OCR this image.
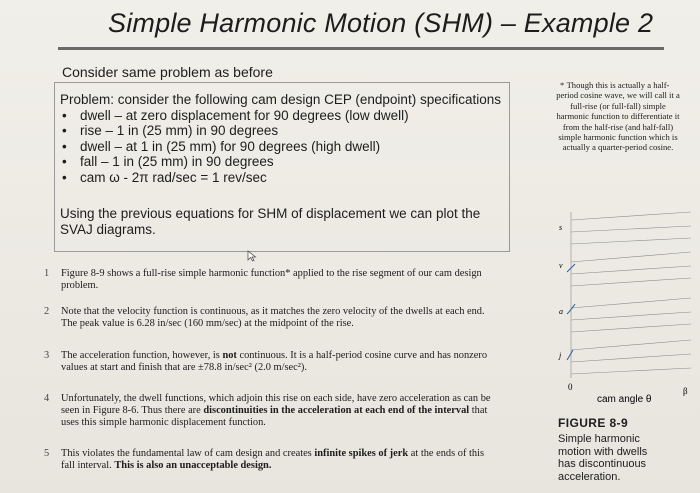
Simple Harmonic Motion (SHM) – Example 2
Consider same problem as before
Problem: consider the following cam design CEP (endpoint) specifications
• dwell – at zero displacement for 90 degrees (low dwell)
• rise – 1 in (25 mm) in 90 degrees
• dwell – at 1 in (25 mm) for 90 degrees (high dwell)
• fall – 1 in (25 mm) in 90 degrees
• cam ω - 2π rad/sec = 1 rev/sec
Using the previous equations for SHM of displacement we can plot the SVAJ diagrams.
1	Figure 8-9 shows a full-rise simple harmonic function* applied to the rise segment of our cam design problem.
2	Note that the velocity function is continuous, as it matches the zero velocity of the dwells at each end. The peak value is 6.28 in/sec (160 mm/sec) at the midpoint of the rise.
3	The acceleration function, however, is not continuous. It is a half-period cosine curve and has nonzero values at start and finish that are ±78.8 in/sec² (2.0 m/sec²).
4	Unfortunately, the dwell functions, which adjoin this rise on each side, have zero acceleration as can be seen in Figure 8-6. Thus there are discontinuities in the acceleration at each end of the interval that uses this simple harmonic displacement function.
5	This violates the fundamental law of cam design and creates infinite spikes of jerk at the ends of this fall interval. This is also an unacceptable design.
* Though this is actually a half-period cosine wave, we will call it a full-rise (or full-fall) simple harmonic function to differentiate it from the half-rise (and half-fall) simple harmonic function which is actually a quarter-period cosine.
s
v
a
j
0	β
cam angle θ
FIGURE 8-9
Simple harmonic motion with dwells has discontinuous acceleration.
